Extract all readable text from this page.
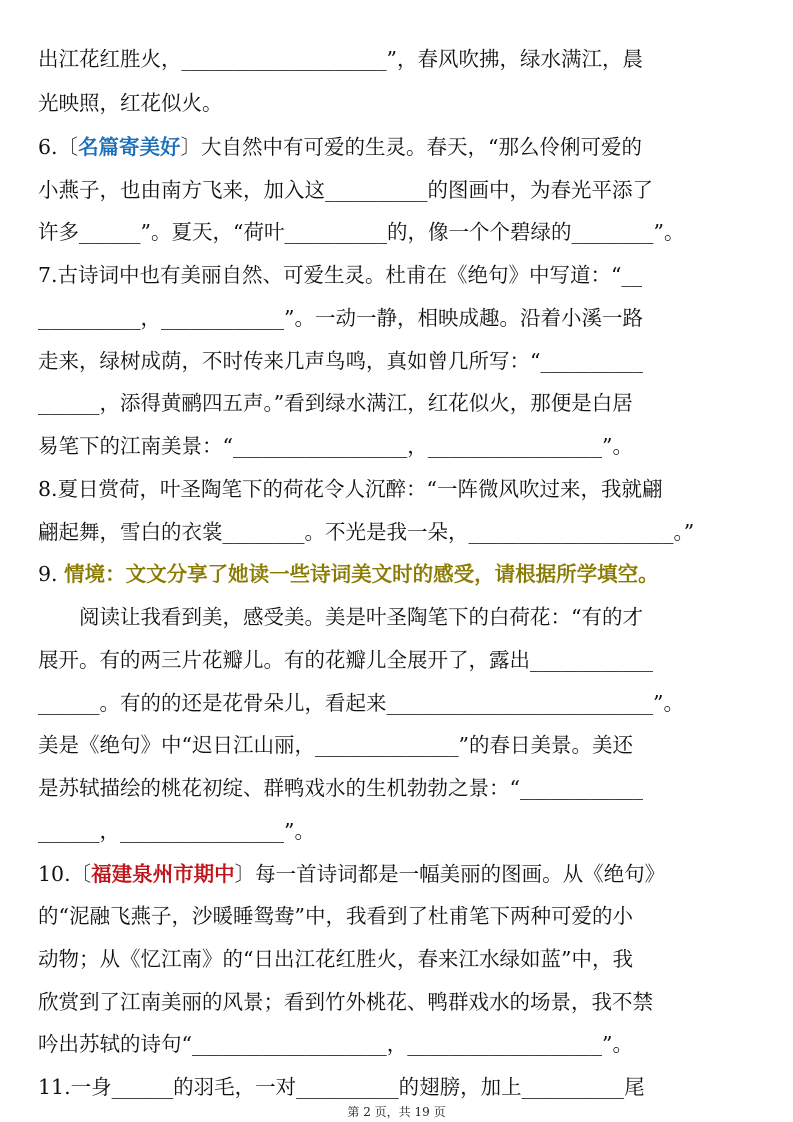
出江花红胜火，____________________”，春风吹拂，绿水满江，晨
光映照，红花似火。
6.〔名篇寄美好〕大自然中有可爱的生灵。春天，“那么伶俐可爱的
小燕子，也由南方飞来，加入这__________的图画中，为春光平添了
许多______”。夏天，“荷叶__________的，像一个个碧绿的________”。
7.古诗词中也有美丽自然、可爱生灵。杜甫在《绝句》中写道：“__
__________，____________”。一动一静，相映成趣。沿着小溪一路
走来，绿树成荫，不时传来几声鸟鸣，真如曾几所写：“__________
______，添得黄鹂四五声。”看到绿水满江，红花似火，那便是白居
易笔下的江南美景：“_________________，_________________”。
8.夏日赏荷，叶圣陶笔下的荷花令人沉醉：“一阵微风吹过来，我就翩
翩起舞，雪白的衣裳________。不光是我一朵，____________________。”
9. 情境：文文分享了她读一些诗词美文时的感受，请根据所学填空。
　　阅读让我看到美，感受美。美是叶圣陶笔下的白荷花：“有的才
展开。有的两三片花瓣儿。有的花瓣儿全展开了，露出____________
______。有的的还是花骨朵儿，看起来__________________________”。
美是《绝句》中“迟日江山丽，______________”的春日美景。美还
是苏轼描绘的桃花初绽、群鸭戏水的生机勃勃之景：“____________
______，________________”。
10.〔福建泉州市期中〕每一首诗词都是一幅美丽的图画。从《绝句》
的“泥融飞燕子，沙暖睡鸳鸯”中，我看到了杜甫笔下两种可爱的小
动物；从《忆江南》的“日出江花红胜火，春来江水绿如蓝”中，我
欣赏到了江南美丽的风景；看到竹外桃花、鸭群戏水的场景，我不禁
吟出苏轼的诗句“___________________，___________________”。
11.一身______的羽毛，一对__________的翅膀，加上__________尾
第 2 页，共 19 页
